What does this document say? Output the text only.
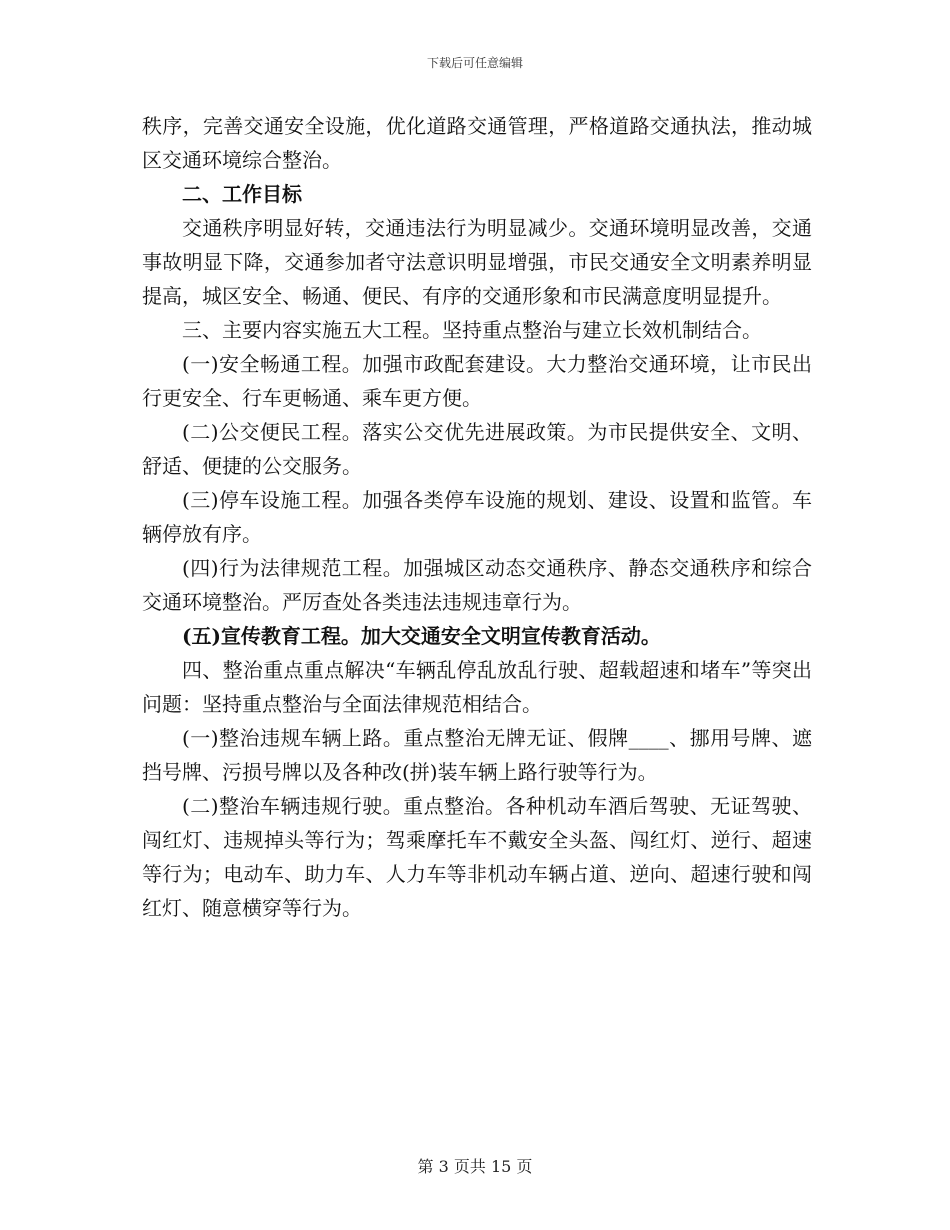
下载后可任意编辑

秩序，完善交通安全设施，优化道路交通管理，严格道路交通执法，推动城区交通环境综合整治。

二、工作目标

交通秩序明显好转，交通违法行为明显减少。交通环境明显改善，交通事故明显下降，交通参加者守法意识明显增强，市民交通安全文明素养明显提高，城区安全、畅通、便民、有序的交通形象和市民满意度明显提升。

三、主要内容实施五大工程。坚持重点整治与建立长效机制结合。

(一)安全畅通工程。加强市政配套建设。大力整治交通环境，让市民出行更安全、行车更畅通、乘车更方便。

(二)公交便民工程。落实公交优先进展政策。为市民提供安全、文明、舒适、便捷的公交服务。

(三)停车设施工程。加强各类停车设施的规划、建设、设置和监管。车辆停放有序。

(四)行为法律规范工程。加强城区动态交通秩序、静态交通秩序和综合交通环境整治。严厉查处各类违法违规违章行为。

(五)宣传教育工程。加大交通安全文明宣传教育活动。

四、整治重点重点解决“车辆乱停乱放乱行驶、超载超速和堵车”等突出问题：坚持重点整治与全面法律规范相结合。

(一)整治违规车辆上路。重点整治无牌无证、假牌____、挪用号牌、遮挡号牌、污损号牌以及各种改(拼)装车辆上路行驶等行为。

(二)整治车辆违规行驶。重点整治。各种机动车酒后驾驶、无证驾驶、闯红灯、违规掉头等行为；驾乘摩托车不戴安全头盔、闯红灯、逆行、超速等行为；电动车、助力车、人力车等非机动车辆占道、逆向、超速行驶和闯红灯、随意横穿等行为。

第 3 页共 15 页
